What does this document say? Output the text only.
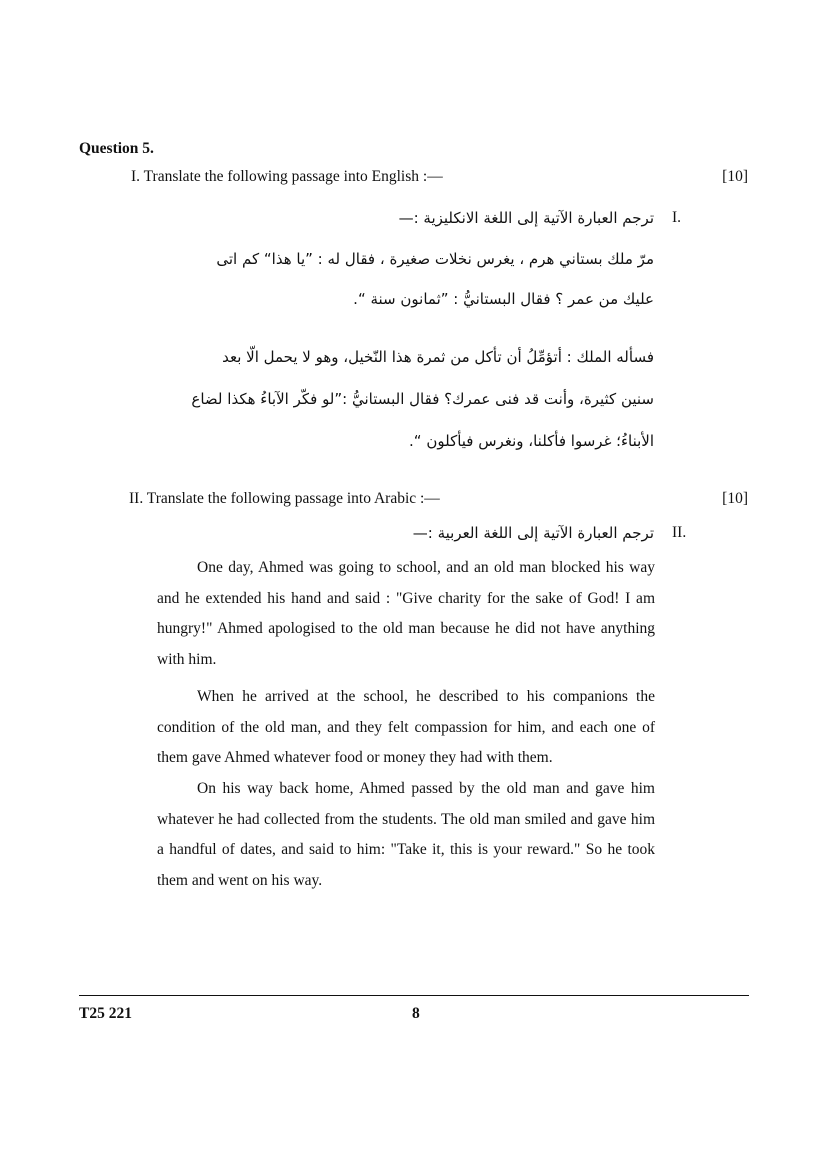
Question 5.
I. Translate the following passage into English :—	[10]
I.
ترجم العبارة الآتية إلى اللغة الانكليزية :—
مرّ ملك بستاني هرم ، يغرس نخلات صغيرة ، فقال له : ”يا هذا“ كم اتى
عليك من عمر ؟ فقال البستانيُّ : ”ثمانون سنة “.
فسأله الملك : أتؤمِّلُ أن تأكل من ثمرة هذا النّخيل، وهو لا يحمل الّا بعد
سنين كثيرة، وأنت قد فنى عمرك؟ فقال البستانيُّ :”لو فكّر الآباءُ هكذا لضاع
الأبناءُ؛ غرسوا فأكلنا، ونغرس فيأكلون “.
II. Translate the following passage into Arabic :—	[10]
II.
ترجم العبارة الآتية إلى اللغة العربية :—

One day, Ahmed was going to school, and an old man blocked his way and he extended his hand and said : "Give charity for the sake of God! I am hungry!" Ahmed apologised to the old man because he did not have anything with him.

When he arrived at the school, he described to his companions the condition of the old man, and they felt compassion for him, and each one of them gave Ahmed whatever food or money they had with them.

On his way back home, Ahmed passed by the old man and gave him whatever he had collected from the students. The old man smiled and gave him a handful of dates, and said to him: "Take it, this is your reward." So he took them and went on his way.

T25 221	8
